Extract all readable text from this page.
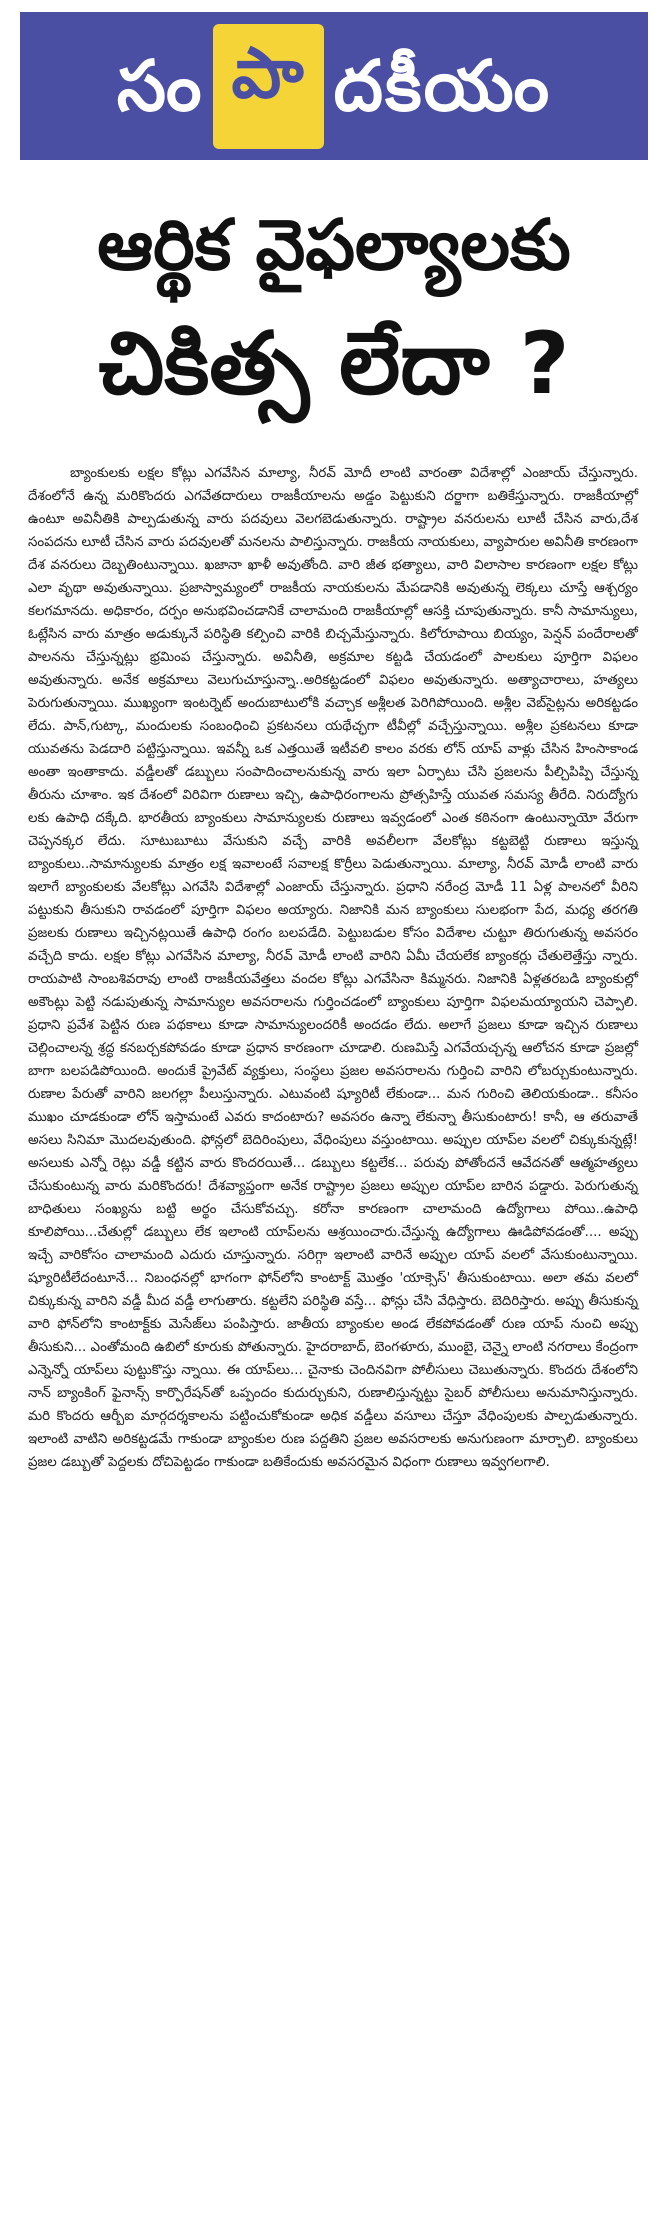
సం పా దకీయం
ఆర్థిక వైఫల్యాలకు
చికిత్స లేదా ?

బ్యాంకులకు లక్షల కోట్లు ఎగవేసిన మాల్యా, నీరవ్ మోదీ లాంటి వారంతా విదేశాల్లో ఎంజాయ్ చేస్తున్నారు. దేశంలోనే ఉన్న మరికొందరు ఎగవేతదారులు రాజకీయాలను అడ్డం పెట్టుకుని దర్జాగా బతికేస్తున్నారు. రాజకీయాల్లో ఉంటూ అవినీతికి పాల్పడుతున్న వారు పదవులు వెలగబెడుతున్నారు. రాష్ట్రాల వనరులను లూటీ చేసిన వారు,దేశ సంపదను లూటీ చేసిన వారు పదవులతో మనలను పాలిస్తున్నారు. రాజకీయ నాయకులు, వ్యాపారుల అవినీతి కారణంగా దేశ వనరులు దెబ్బతింటున్నాయి. ఖజానా ఖాళీ అవుతోంది. వారి జీత భత్యాలు, వారి విలాసాల కారణంగా లక్షల కోట్లు ఎలా వృథా అవుతున్నాయి. ప్రజాస్వామ్యంలో రాజకీయ నాయకులను మేపడానికి అవుతున్న లెక్కలు చూస్తే ఆశ్చర్యం కలగమానదు. అధికారం, దర్పం అనుభవించడానికే చాలామంది రాజకీయాల్లో ఆసక్తి చూపుతున్నారు. కానీ సామాన్యులు, ఓట్లేసిన వారు మాత్రం అడుక్కునే పరిస్థితి కల్పించి వారికి బిచ్చమేస్తున్నారు. కిలోరూపాయి బియ్యం, పెన్షన్ పందేరాలతో పాలనను చేస్తున్నట్లు భ్రమింప చేస్తున్నారు. అవినీతి, అక్రమాల కట్టడి చేయడంలో పాలకులు పూర్తిగా విఫలం అవుతున్నారు. అనేక అక్రమాలు వెలుగుచూస్తున్నా..అరికట్టడంలో విఫలం అవుతున్నారు. అత్యాచారాలు, హత్యలు పెరుగుతున్నాయి. ముఖ్యంగా ఇంటర్నెట్ అందుబాటులోకి వచ్చాక అశ్లీలత పెరిగిపోయింది. అశ్లీల వెబ్‌సైట్లను అరికట్టడం లేదు. పాన్,గుట్కా, మందులకు సంబంధించి ప్రకటనలు యథేచ్ఛగా టీవీల్లో వచ్చేస్తున్నాయి. అశ్లీల ప్రకటనలు కూడా యువతను పెడదారి పట్టిస్తున్నాయి. ఇవన్నీ ఒక ఎత్తయితే ఇటీవలి కాలం వరకు లోన్ యాప్ వాళ్లు చేసిన హింసాకాండ అంతా ఇంతాకాదు. వడ్డీలతో డబ్బులు సంపాదించాలనుకున్న వారు ఇలా ఏర్పాటు చేసి ప్రజలను పీల్చిపిప్పి చేస్తున్న తీరును చూశాం. ఇక దేశంలో విరివిగా రుణాలు ఇచ్చి, ఉపాధిరంగాలను ప్రోత్సహిస్తే యువత సమస్య తీరేది. నిరుద్యోగు లకు ఉపాధి దక్కేది. భారతీయ బ్యాంకులు సామాన్యులకు రుణాలు ఇవ్వడంలో ఎంత కఠినంగా ఉంటున్నాయో వేరుగా చెప్పనక్కర లేదు. సూటుబూటు వేసుకుని వచ్చే వారికి అవలీలగా వేలకోట్లు కట్టబెట్టి రుణాలు ఇస్తున్న బ్యాంకులు..సామాన్యులకు మాత్రం లక్ష ఇవాలంటే సవాలక్ష కొర్రీలు పెడుతున్నాయి. మాల్యా, నీరవ్ మోడీ లాంటి వారు ఇలాగే బ్యాంకులకు వేలకోట్లు ఎగవేసి విదేశాల్లో ఎంజాయ్ చేస్తున్నారు. ప్రధాని నరేంద్ర మోడీ 11 ఏళ్ల పాలనలో వీరిని పట్టుకుని తీసుకుని రావడంలో పూర్తిగా విఫలం అయ్యారు. నిజానికి మన బ్యాంకులు సులభంగా పేద, మధ్య తరగతి ప్రజలకు రుణాలు ఇచ్చినట్లయితే ఉపాధి రంగం బలపడేది. పెట్టుబడుల కోసం విదేశాల చుట్టూ తిరుగుతున్న అవసరం వచ్చేది కాదు. లక్షల కోట్లు ఎగవేసిన మాల్యా, నీరవ్ మోడీ లాంటి వారిని ఏమీ చేయలేక బ్యాంకర్లు చేతులెత్తేస్తు న్నారు. రాయపాటి సాంబశివరావు లాంటి రాజకీయవేత్తలు వందల కోట్లు ఎగవేసినా కిమ్మనరు. నిజానికి ఏళ్లతరబడి బ్యాంకుల్లో అకౌంట్లు పెట్టి నడుపుతున్న సామాన్యుల అవసరాలను గుర్తించడంలో బ్యాంకులు పూర్తిగా విఫలమయ్యాయని చెప్పాలి. ప్రధాని ప్రవేశ పెట్టిన రుణ పథకాలు కూడా సామాన్యులందరికీ అందడం లేదు. అలాగే ప్రజలు కూడా ఇచ్చిన రుణాలు చెల్లించాలన్న శ్రద్ధ కనబర్చకపోవడం కూడా ప్రధాన కారణంగా చూడాలి. రుణమిస్తే ఎగవేయచ్చన్న ఆలోచన కూడా ప్రజల్లో బాగా బలపడిపోయింది. అందుకే ప్రైవేట్ వ్యక్తులు, సంస్థలు ప్రజల అవసరాలను గుర్తించి వారిని లోబర్చుకుంటున్నారు. రుణాల పేరుతో వారిని జలగల్లా పీలుస్తున్నారు. ఎటువంటి ష్యూరిటీ లేకుండా... మన గురించి తెలియకుండా.. కనీసం ముఖం చూడకుండా లోన్ ఇస్తామంటే ఎవరు కాదంటారు? అవసరం ఉన్నా లేకున్నా తీసుకుంటారు! కానీ, ఆ తరువాతే అసలు సినిమా మొదలవుతుంది. ఫోన్లలో బెదిరింపులు, వేధింపులు వస్తుంటాయి. అప్పుల యాప్‌ల వలలో చిక్కుకున్నట్లే! అసలుకు ఎన్నో రెట్లు వడ్డీ కట్టిన వారు కొందరయితే... డబ్బులు కట్టలేక... పరువు పోతోందనే ఆవేదనతో ఆత్మహత్యలు చేసుకుంటున్న వారు మరికొందరు! దేశవ్యాప్తంగా అనేక రాష్ట్రాల ప్రజలు అప్పుల యాప్‌ల బారిన పడ్డారు. పెరుగుతున్న బాధితులు సంఖ్యను బట్టి అర్థం చేసుకోవచ్చు. కరోనా కారణంగా చాలామంది ఉద్యోగాలు పోయి..ఉపాధి కూలిపోయి...చేతుల్లో డబ్బులు లేక ఇలాంటి యాప్‌లను ఆశ్రయించారు.చేస్తున్న ఉద్యోగాలు ఊడిపోవడంతో.... అప్పు ఇచ్చే వారికోసం చాలామంది ఎదురు చూస్తున్నారు. సరిగ్గా ఇలాంటి వారినే అప్పుల యాప్ వలలో వేసుకుంటున్నాయి. ష్యూరిటీలేదంటూనే... నిబంధనల్లో భాగంగా ఫోన్‌లోని కాంటాక్ట్ మొత్తం 'యాక్సెస్' తీసుకుంటాయి. అలా తమ వలలో చిక్కుకున్న వారిని వడ్డీ మీద వడ్డీ లాగుతారు. కట్టలేని పరిస్థితి వస్తే... ఫోన్లు చేసి వేధిస్తారు. బెదిరిస్తారు. అప్పు తీసుకున్న వారి ఫోన్‌లోని కాంటాక్ట్‌కు మెసేజ్‌లు పంపిస్తారు. జాతీయ బ్యాంకుల అండ లేకపోవడంతో రుణ యాప్ నుంచి అప్పు తీసుకుని... ఎంతోమంది ఉబిలో కూరుకు పోతున్నారు. హైదరాబాద్, బెంగళూరు, ముంబై, చెన్నై లాంటి నగరాలు కేంద్రంగా ఎన్నెన్నో యాప్‌లు పుట్టుకొస్తు న్నాయి. ఈ యాప్‌లు... చైనాకు చెందినవిగా పోలీసులు చెబుతున్నారు. కొందరు దేశంలోని నాన్ బ్యాంకింగ్ ఫైనాన్స్ కార్పొరేషన్‌తో ఒప్పందం కుదుర్చుకుని, రుణాలిస్తున్నట్టు సైబర్ పోలీసులు అనుమానిస్తున్నారు. మరి కొందరు ఆర్బీఐ మార్గదర్శకాలను పట్టించుకోకుండా అధిక వడ్డీలు వసూలు చేస్తూ వేధింపులకు పాల్పడుతున్నారు. ఇలాంటి వాటిని అరికట్టడమే గాకుండా బ్యాంకుల రుణ పద్దతిని ప్రజల అవసరాలకు అనుగుణంగా మార్చాలి. బ్యాంకులు ప్రజల డబ్బుతో పెద్దలకు దోచిపెట్టడం గాకుండా బతికేందుకు అవసరమైన విధంగా రుణాలు ఇవ్వగలగాలి.
